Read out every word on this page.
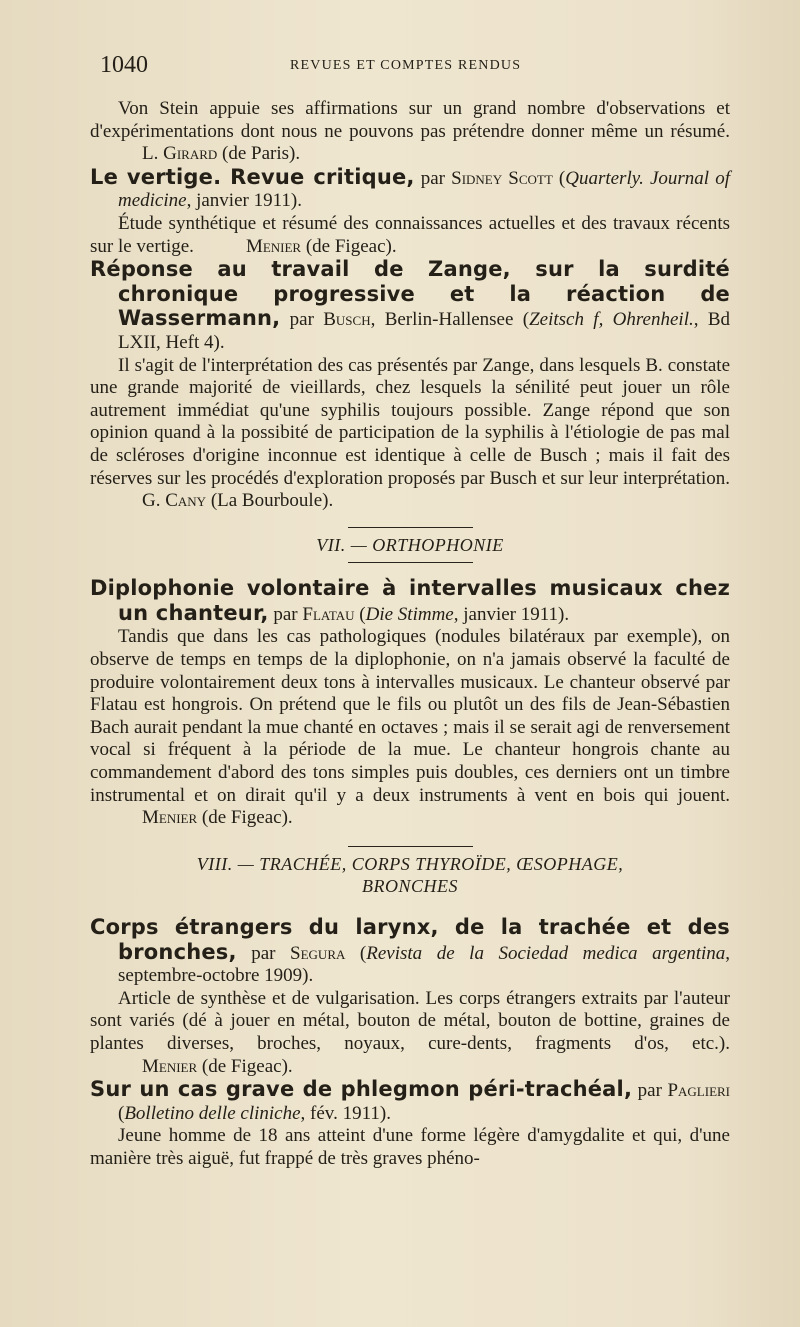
1040	REVUES ET COMPTES RENDUS

Von Stein appuie ses affirmations sur un grand nombre d'observations et d'expérimentations dont nous ne pouvons pas prétendre donner même un résumé.L. Girard (de Paris).

Le vertige. Revue critique, par Sidney Scott (Quarterly. Journal of medicine, janvier 1911).

Étude synthétique et résumé des connaissances actuelles et des travaux récents sur le vertige.	Menier (de Figeac).

Réponse au travail de Zange, sur la surdité chronique progressive et la réaction de Wassermann, par Busch, Berlin-Hallensee (Zeitsch f, Ohrenheil., Bd LXII, Heft 4).

Il s'agit de l'interprétation des cas présentés par Zange, dans lesquels B. constate une grande majorité de vieillards, chez lesquels la sénilité peut jouer un rôle autrement immédiat qu'une syphilis toujours possible. Zange répond que son opinion quand à la possibité de participation de la syphilis à l'étiologie de pas mal de scléroses d'origine inconnue est identique à celle de Busch ; mais il fait des réserves sur les procédés d'exploration proposés par Busch et sur leur interprétation.G. Cany (La Bourboule).

VII. — ORTHOPHONIE

Diplophonie volontaire à intervalles musicaux chez un chanteur, par Flatau (Die Stimme, janvier 1911).

Tandis que dans les cas pathologiques (nodules bilatéraux par exemple), on observe de temps en temps de la diplophonie, on n'a jamais observé la faculté de produire volontairement deux tons à intervalles musicaux. Le chanteur observé par Flatau est hongrois. On prétend que le fils ou plutôt un des fils de Jean-Sébastien Bach aurait pendant la mue chanté en octaves ; mais il se serait agi de renversement vocal si fréquent à la période de la mue. Le chanteur hongrois chante au commandement d'abord des tons simples puis doubles, ces derniers ont un timbre instrumental et on dirait qu'il y a deux instruments à vent en bois qui jouent.Menier (de Figeac).

VIII. — TRACHÉE, CORPS THYROÏDE, ŒSOPHAGE,
BRONCHES

Corps étrangers du larynx, de la trachée et des bronches, par Segura (Revista de la Sociedad medica argentina, septembre-octobre 1909).

Article de synthèse et de vulgarisation. Les corps étrangers extraits par l'auteur sont variés (dé à jouer en métal, bouton de métal, bouton de bottine, graines de plantes diverses, broches, noyaux, cure-dents, fragments d'os, etc.).Menier (de Figeac).

Sur un cas grave de phlegmon péri-trachéal, par Paglieri (Bolletino delle cliniche, fév. 1911).

Jeune homme de 18 ans atteint d'une forme légère d'amygdalite et qui, d'une manière très aiguë, fut frappé de très graves phéno-
